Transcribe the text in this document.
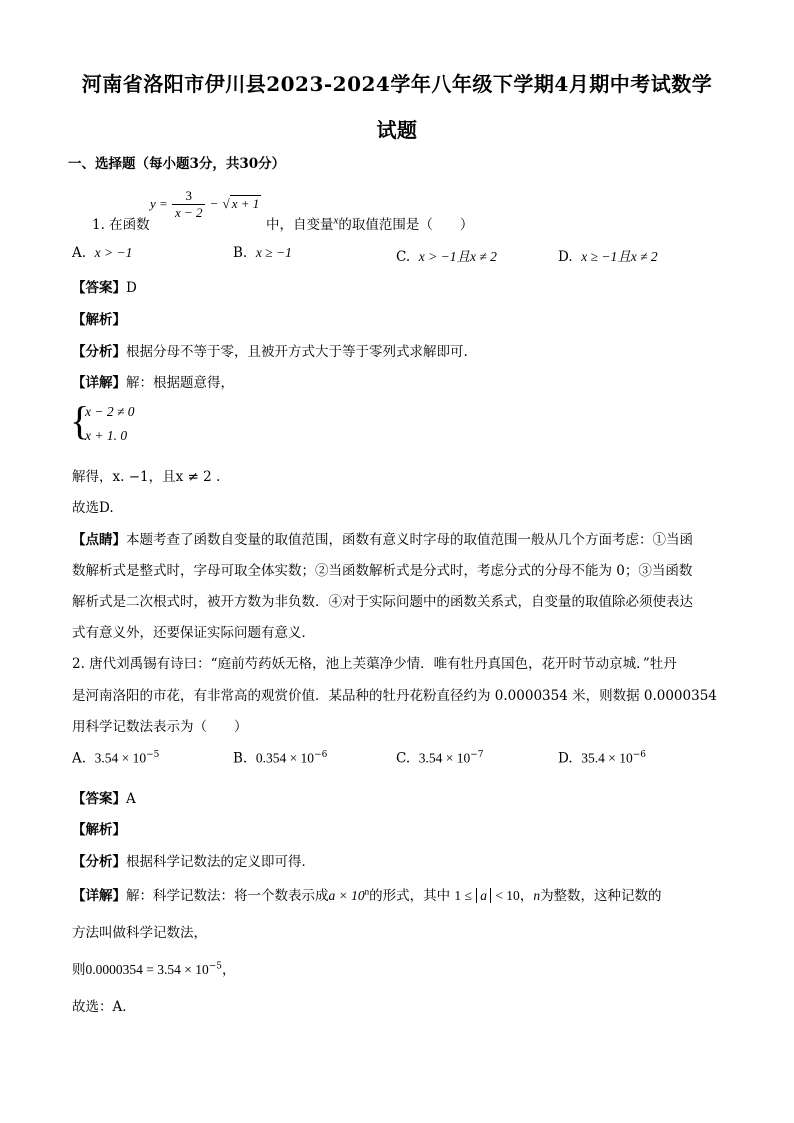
河南省洛阳市伊川县2023-2024学年八年级下学期4月期中考试数学
试题
一、选择题（每小题3分，共30分）
$y = \frac{3}{x - 2}$ − √ x + 1
1. 在函数	中，自变量$^x$的取值范围是（　　）
A. x > −1	B. x ≥ −1	C. x > −1且x ≠ 2	D. x ≥ −1且x ≠ 2
【答案】D
【解析】
【分析】根据分母不等于零，且被开方式大于等于零列式求解即可.
【详解】解：根据题意得，
{
x − 2 ≠ 0
x + 1. 0
解得，x. −1，且x ≠ 2 .
故选D.
【点睛】本题考查了函数自变量的取值范围，函数有意义时字母的取值范围一般从几个方面考虑：①当函
数解析式是整式时，字母可取全体实数；②当函数解析式是分式时，考虑分式的分母不能为 0；③当函数
解析式是二次根式时，被开方数为非负数．④对于实际问题中的函数关系式，自变量的取值除必须使表达
式有意义外，还要保证实际问题有意义．
2. 唐代刘禹锡有诗曰：“庭前芍药妖无格，池上芙蕖净少情．唯有牡丹真国色，花开时节动京城．”牡丹
是河南洛阳的市花，有非常高的观赏价值．某品种的牡丹花粉直径约为 0.0000354 米，则数据 0.0000354
用科学记数法表示为（　　）
A. $3.54 \times 10^{-5}$	B. $0.354 \times 10^{-6}$	C. $3.54 \times 10^{-7}$	D. $35.4 \times 10^{-6}$
【答案】A
【解析】
【分析】根据科学记数法的定义即可得．
【详解】解：科学记数法：将一个数表示成$a \times 10^n$的形式，其中 1 ≤ a < 10，n为整数，这种记数的
方法叫做科学记数法，
则$0.0000354 = 3.54 \times 10^{-5}$，
故选：A．
